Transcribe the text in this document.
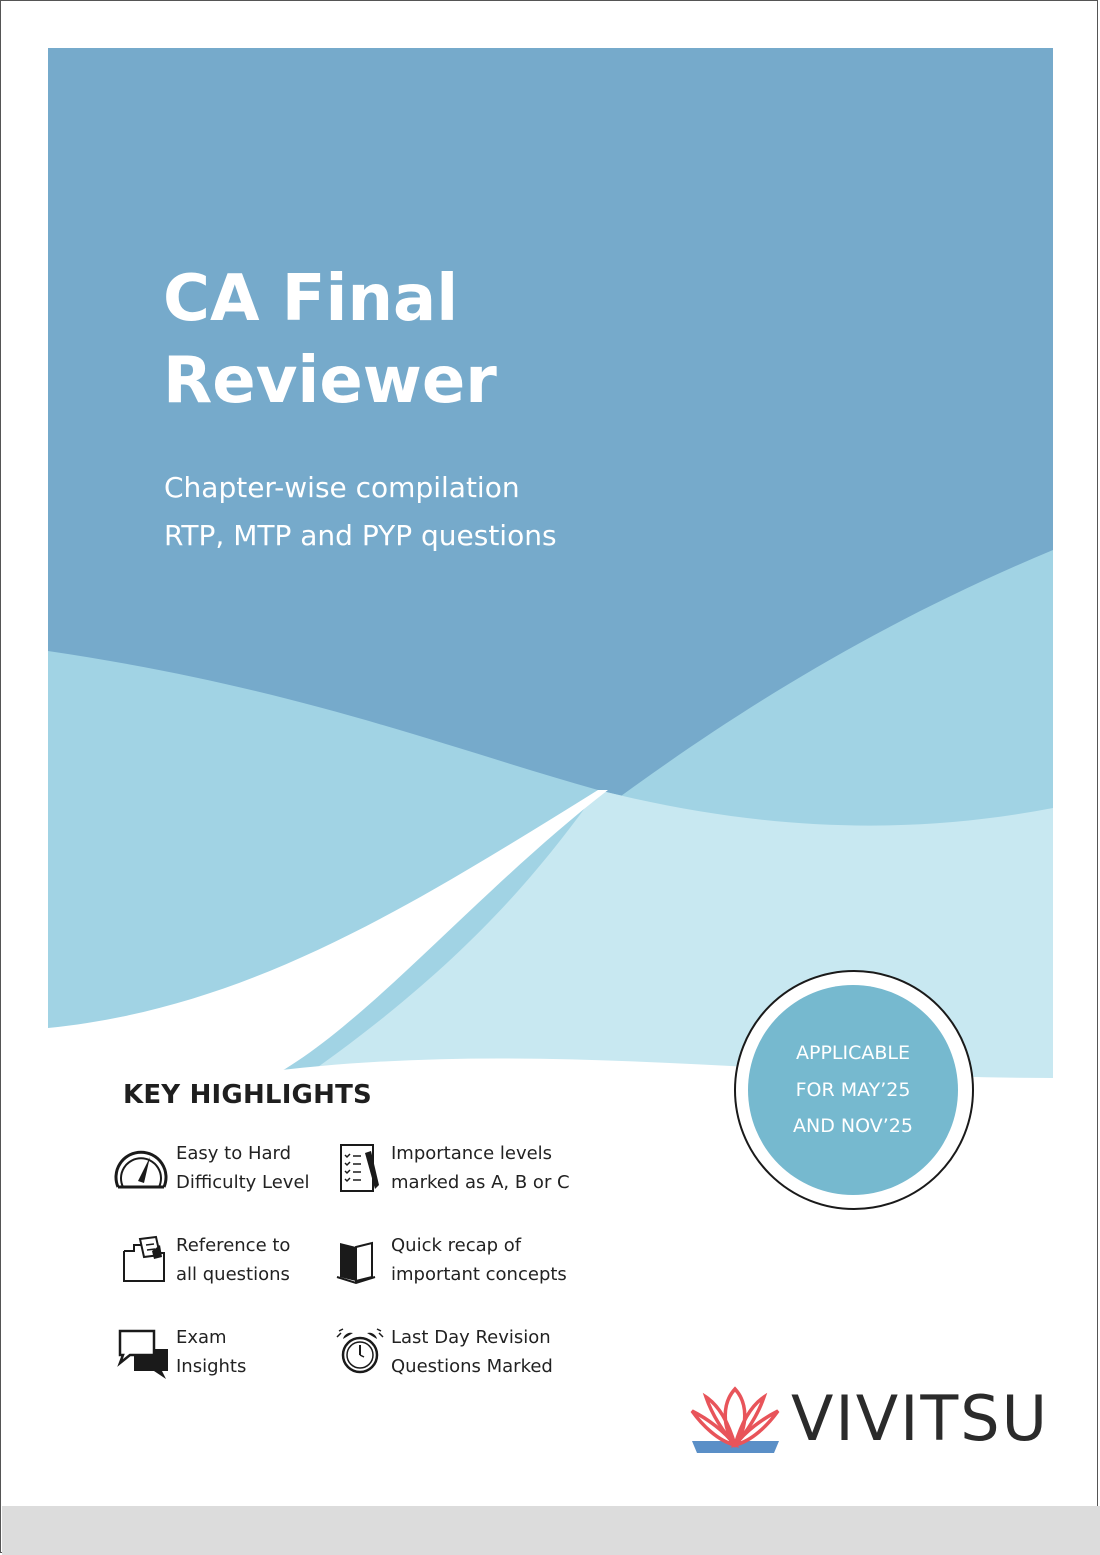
CA Final
Reviewer
Chapter-wise compilation
RTP, MTP and PYP questions
APPLICABLE
FOR MAY’25
AND NOV’25
KEY HIGHLIGHTS
Easy to Hard
Difficulty Level
Importance levels
marked as A, B or C
Reference to
all questions
Quick recap of
important concepts
Exam
Insights
Last Day Revision
Questions Marked
VIVITSU
